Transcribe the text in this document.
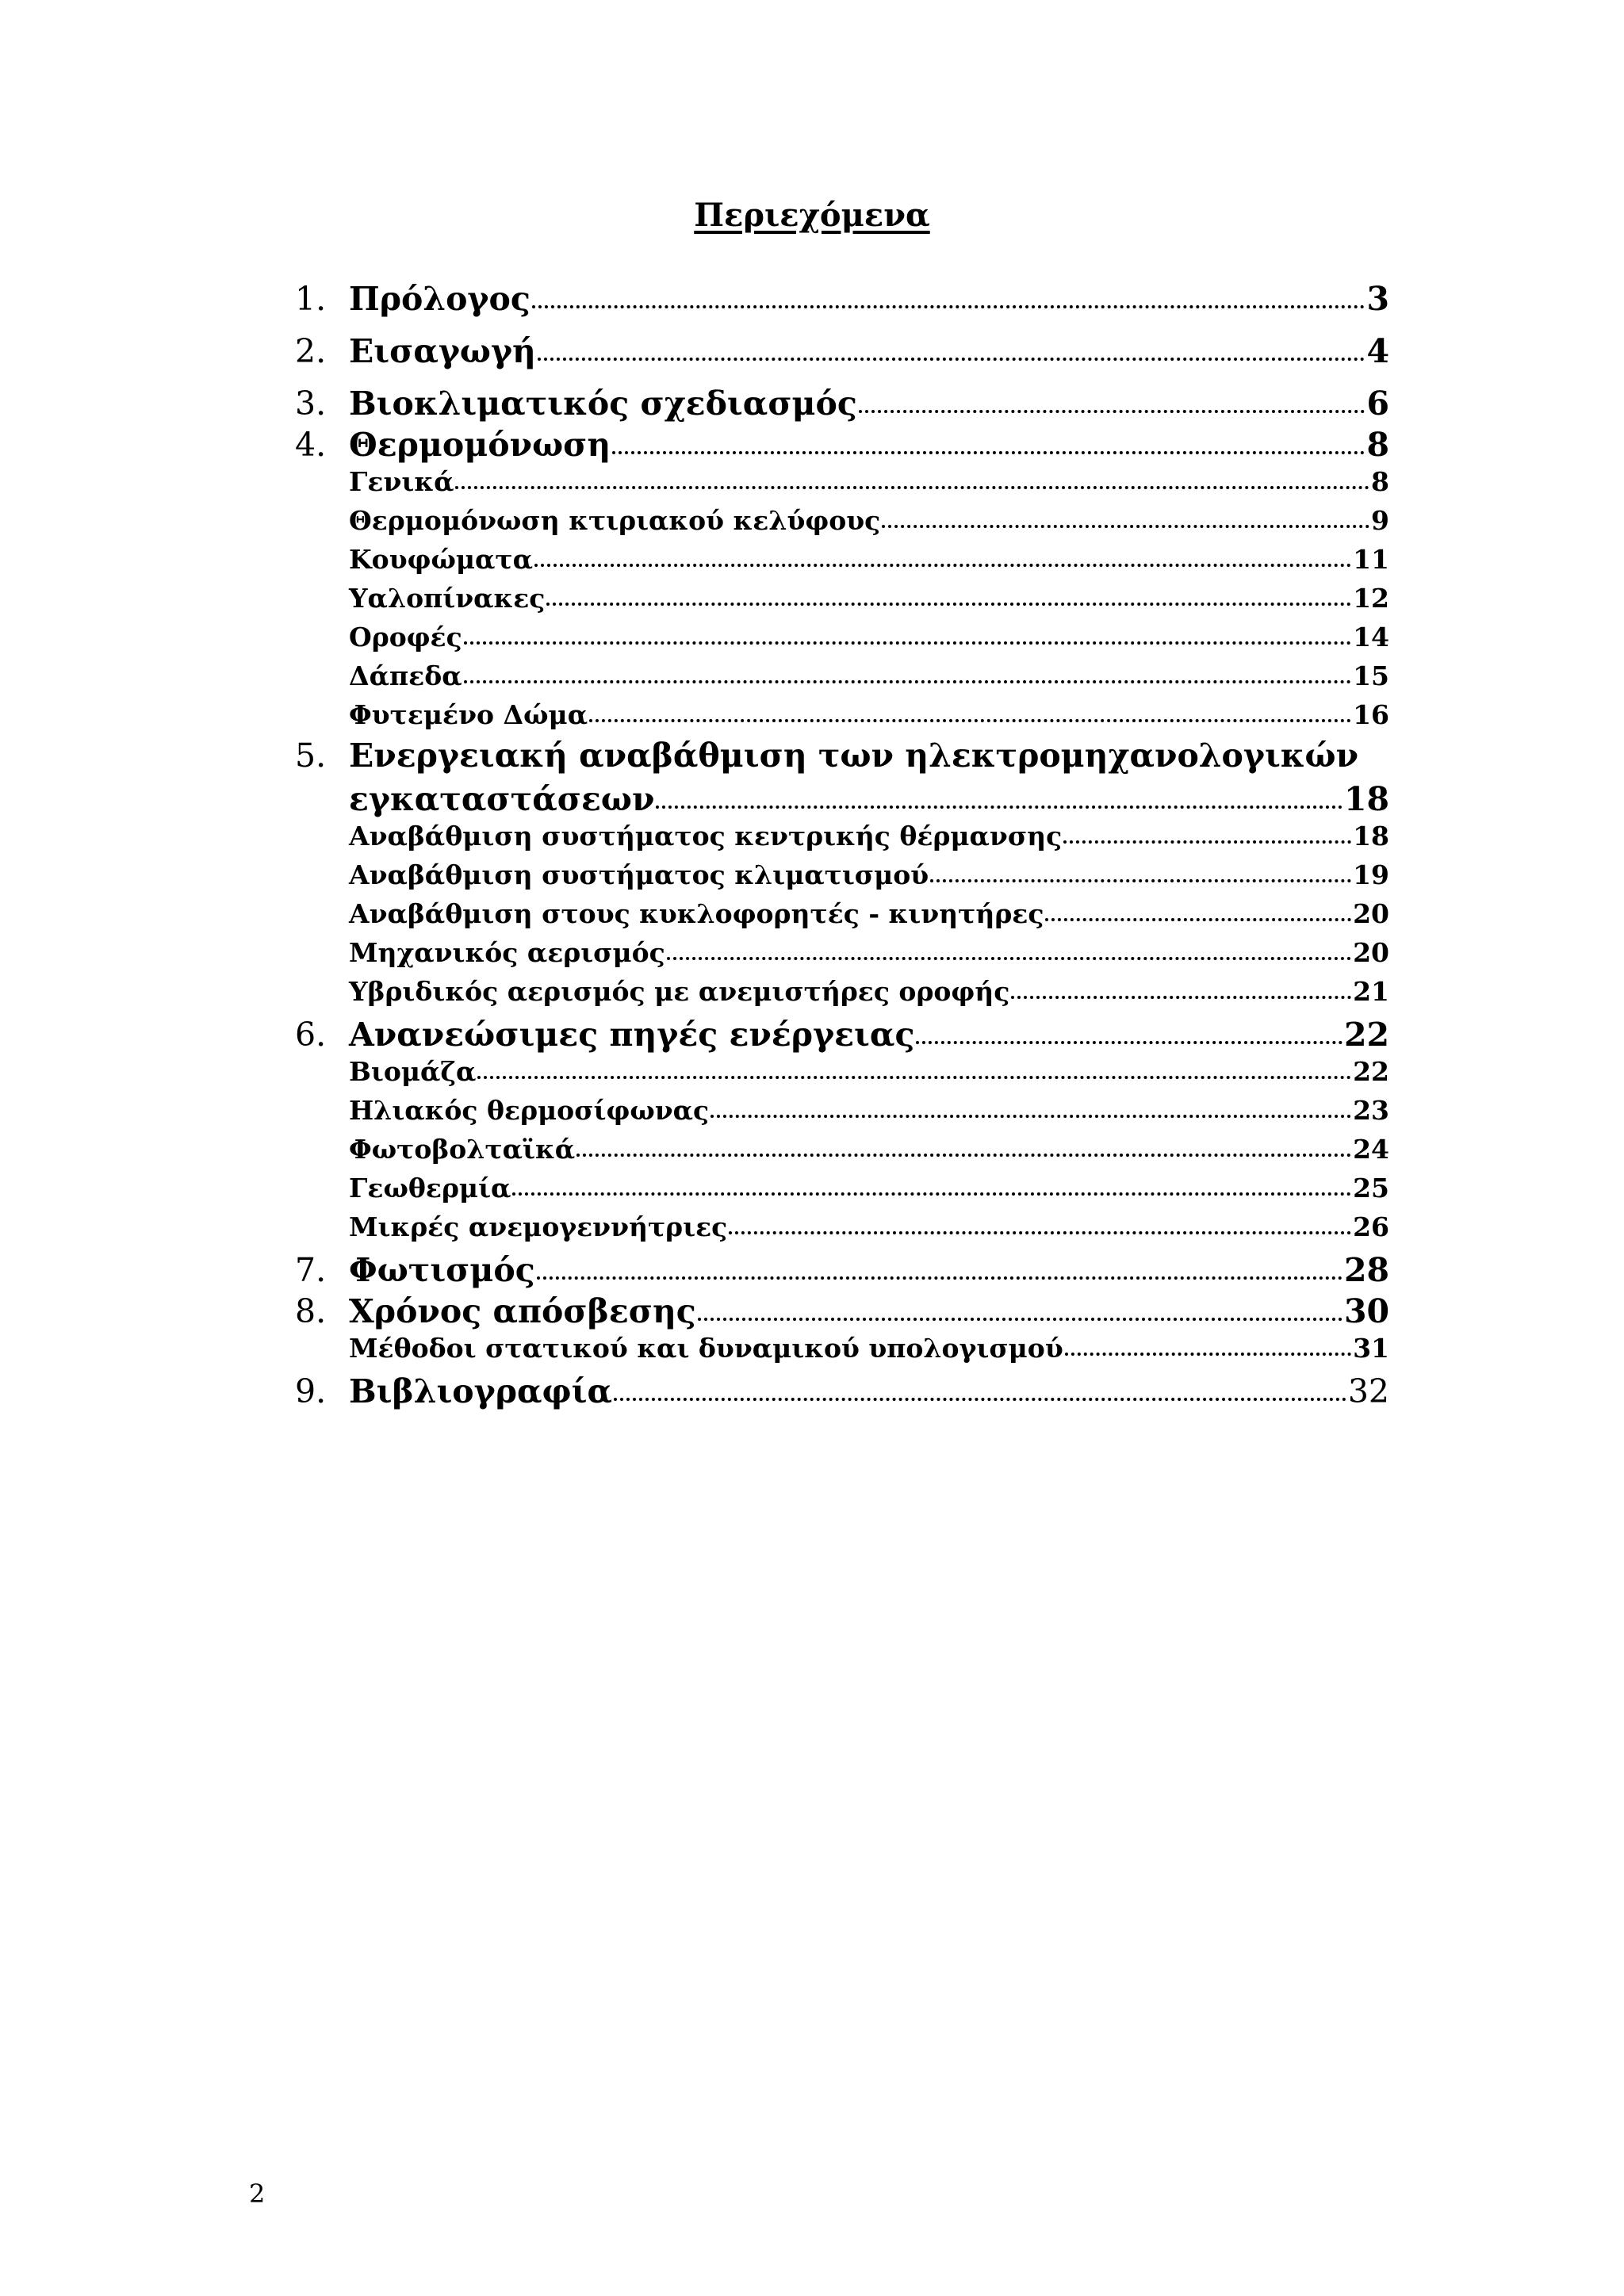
Περιεχόμενα
1. Πρόλογος	3
2. Εισαγωγή	4
3. Βιοκλιματικός σχεδιασμός	6
4. Θερμομόνωση	8
Γενικά	8
Θερμομόνωση κτιριακού κελύφους	9
Κουφώματα	11
Υαλοπίνακες	12
Οροφές	14
Δάπεδα	15
Φυτεμένο Δώμα	16
5. Ενεργειακή αναβάθμιση των ηλεκτρομηχανολογικών
εγκαταστάσεων	18
Αναβάθμιση συστήματος κεντρικής θέρμανσης	18
Αναβάθμιση συστήματος κλιματισμού	19
Αναβάθμιση στους κυκλοφορητές - κινητήρες	20
Μηχανικός αερισμός	20
Υβριδικός αερισμός με ανεμιστήρες οροφής	21
6. Ανανεώσιμες πηγές ενέργειας	22
Βιομάζα	22
Ηλιακός θερμοσίφωνας	23
Φωτοβολταϊκά	24
Γεωθερμία	25
Μικρές ανεμογεννήτριες	26
7. Φωτισμός	28
8. Χρόνος απόσβεσης	30
Μέθοδοι στατικού και δυναμικού υπολογισμού	31
9. Βιβλιογραφία	32
2
